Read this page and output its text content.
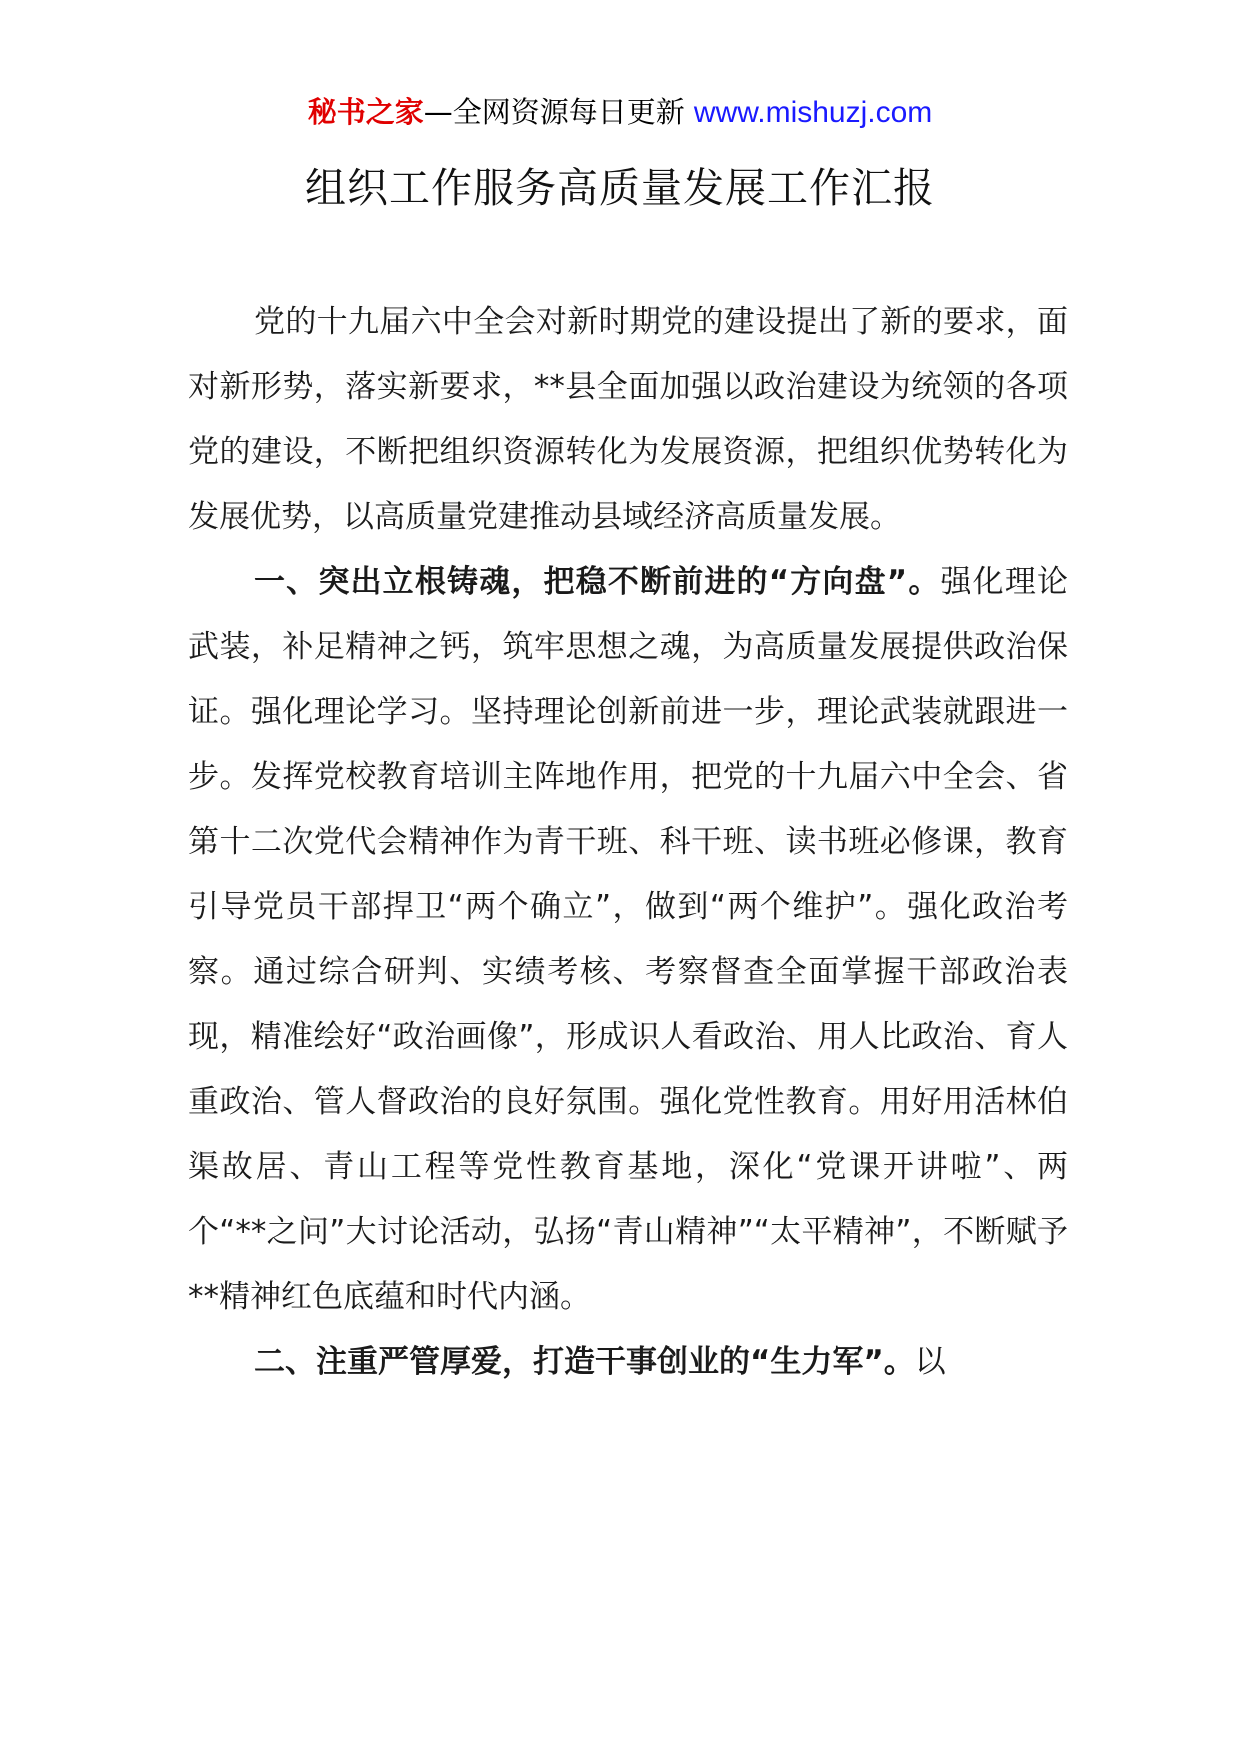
秘书之家—全网资源每日更新 www.mishuzj.com
组织工作服务高质量发展工作汇报

党的十九届六中全会对新时期党的建设提出了新的要求，面对新形势，落实新要求，**县全面加强以政治建设为统领的各项党的建设，不断把组织资源转化为发展资源，把组织优势转化为发展优势，以高质量党建推动县域经济高质量发展。

一、突出立根铸魂，把稳不断前进的“方向盘”。强化理论武装，补足精神之钙，筑牢思想之魂，为高质量发展提供政治保证。强化理论学习。坚持理论创新前进一步，理论武装就跟进一步。发挥党校教育培训主阵地作用，把党的十九届六中全会、省第十二次党代会精神作为青干班、科干班、读书班必修课，教育引导党员干部捍卫“两个确立”，做到“两个维护”。强化政治考察。通过综合研判、实绩考核、考察督查全面掌握干部政治表现，精准绘好“政治画像”，形成识人看政治、用人比政治、育人重政治、管人督政治的良好氛围。强化党性教育。用好用活林伯渠故居、青山工程等党性教育基地，深化“党课开讲啦”、两个“**之问”大讨论活动，弘扬“青山精神”“太平精神”，不断赋予**精神红色底蕴和时代内涵。

二、注重严管厚爱，打造干事创业的“生力军”。以
